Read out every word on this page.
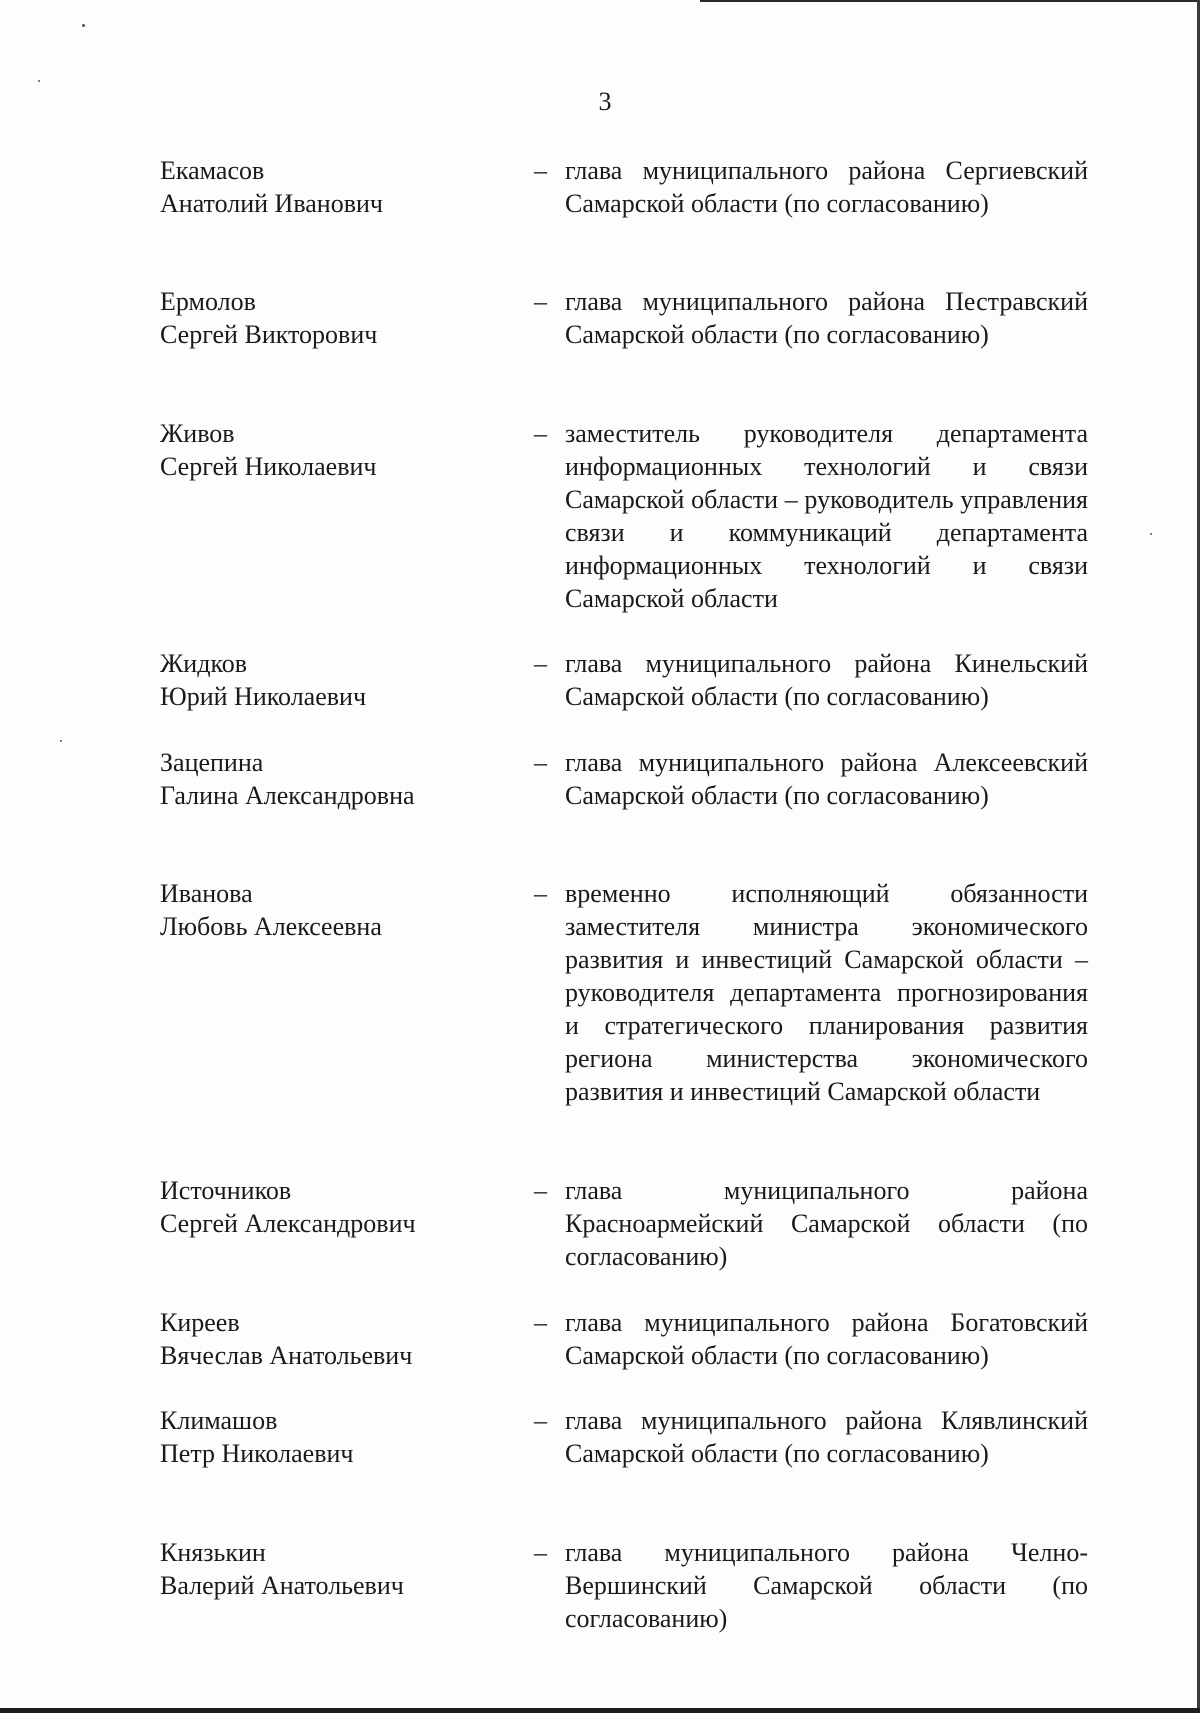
3
Екамасов
Анатолий Иванович
– глава муниципального района Сергиевский Самарской области (по согласованию)
Ермолов
Сергей Викторович
– глава муниципального района Пестравский Самарской области (по согласованию)
Живов
Сергей Николаевич
– заместитель руководителя департамента информационных технологий и связи Самарской области – руководитель управления связи и коммуникаций департамента информационных технологий и связи Самарской области
Жидков
Юрий Николаевич
– глава муниципального района Кинельский Самарской области (по согласованию)
Зацепина
Галина Александровна
– глава муниципального района Алексеевский Самарской области (по согласованию)
Иванова
Любовь Алексеевна
– временно исполняющий обязанности заместителя министра экономического развития и инвестиций Самарской области – руководителя департамента прогнозирования и стратегического планирования развития региона министерства экономического развития и инвестиций Самарской области
Источников
Сергей Александрович
– глава муниципального района Красноармейский Самарской области (по согласованию)
Киреев
Вячеслав Анатольевич
– глава муниципального района Богатовский Самарской области (по согласованию)
Климашов
Петр Николаевич
– глава муниципального района Клявлинский Самарской области (по согласованию)
Князькин
Валерий Анатольевич
– глава муниципального района Челно-Вершинский Самарской области (по согласованию)
